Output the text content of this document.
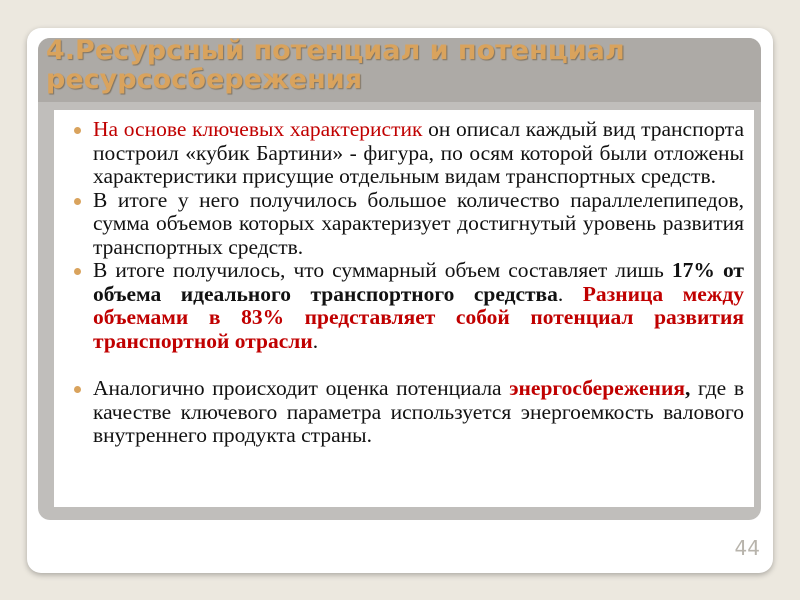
4.Ресурсный потенциал и потенциал ресурсосбережения
На основе ключевых характеристик он описал каждый вид транспорта построил «кубик Бартини» - фигура, по осям которой были отложены характеристики присущие отдельным видам транспортных средств.
В итоге у него получилось большое количество параллелепипедов, сумма объемов которых характеризует достигнутый уровень развития транспортных средств.
В итоге получилось, что суммарный объем составляет лишь 17% от объема идеального транспортного средства. Разница между объемами в 83% представляет собой потенциал развития транспортной отрасли.
Аналогично происходит оценка потенциала энергосбережения, где в качестве ключевого параметра используется энергоемкость валового внутреннего продукта страны.
44
